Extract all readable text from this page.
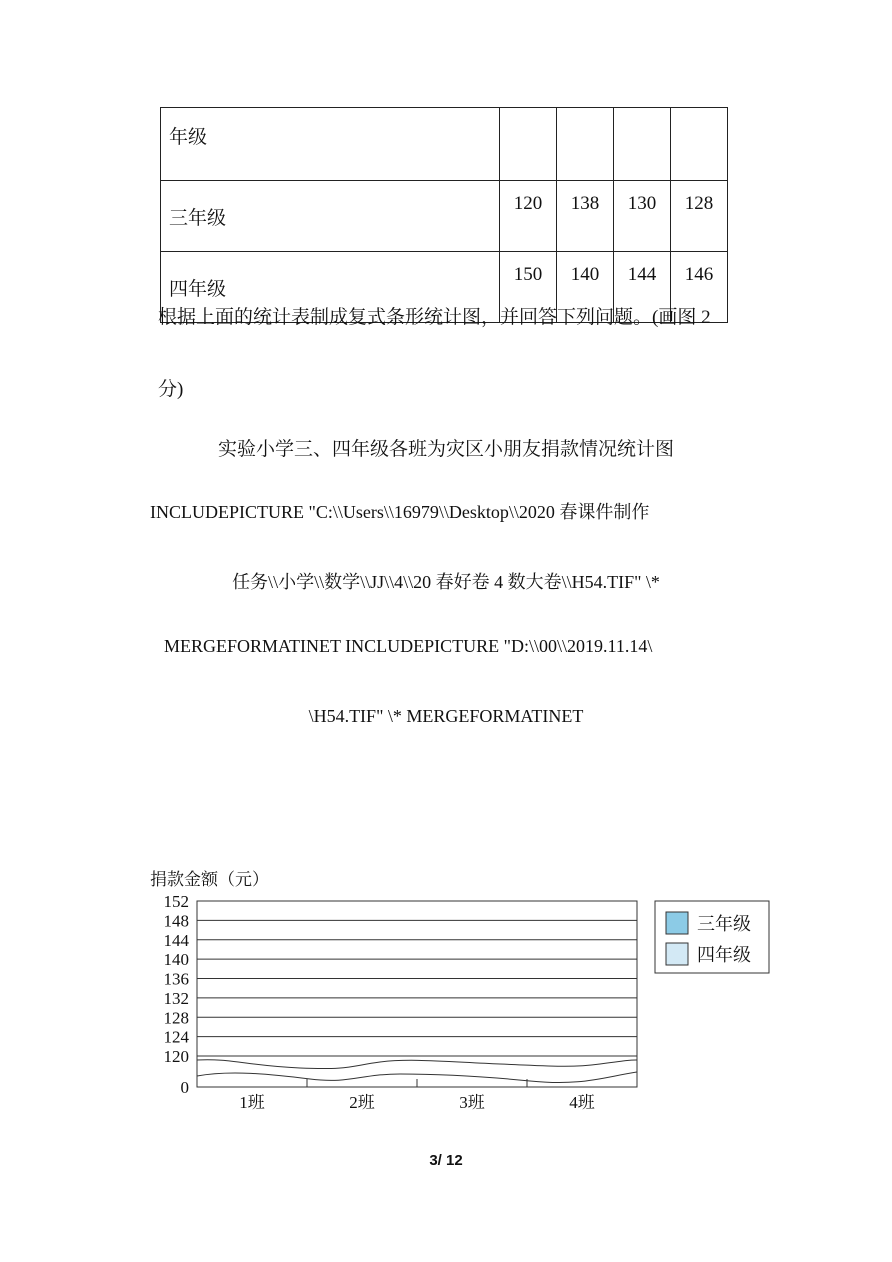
年级				
三年级	120	138	130	128
四年级	150	140	144	146
根据上面的统计表制成复式条形统计图，并回答下列问题。(画图 2
分)
实验小学三、四年级各班为灾区小朋友捐款情况统计图
INCLUDEPICTURE "C:\\Users\\16979\\Desktop\\2020 春课件制作
任务\\小学\\数学\\JJ\\4\\20 春好卷 4 数大卷\\H54.TIF" \*
MERGEFORMATINET INCLUDEPICTURE "D:\\00\\2019.11.14\
\H54.TIF" \* MERGEFORMATINET
捐款金额（元）
0
120
124
128
132
136
140
144
148
152
1班	2班	3班	4班
三年级
四年级
3/ 12
